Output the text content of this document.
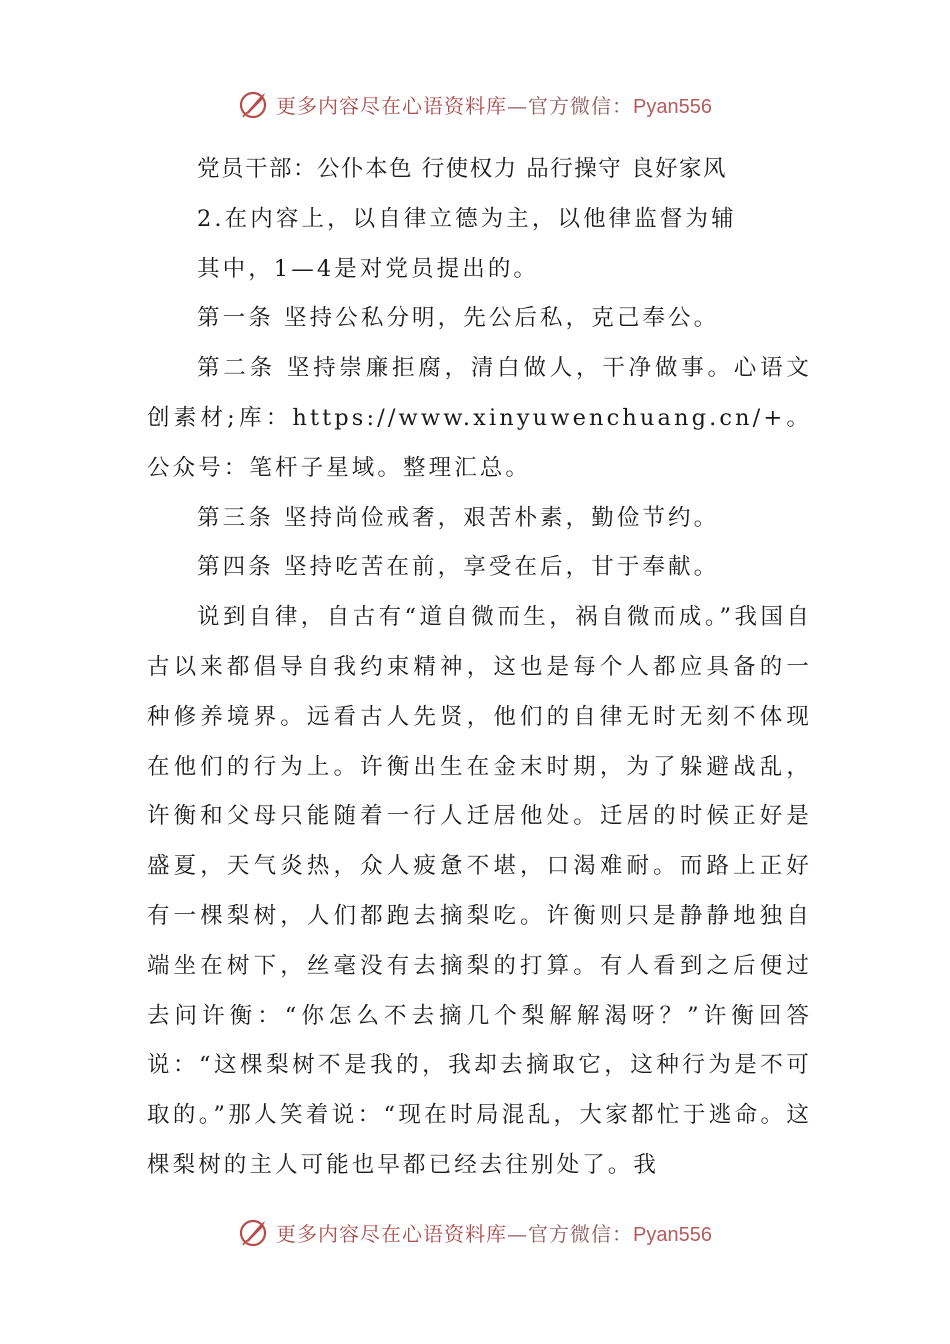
更多内容尽在心语资料库—官方微信：Pyan556

党员干部：公仆本色 行使权力 品行操守 良好家风

2.在内容上，以自律立德为主，以他律监督为辅

其中，1—4是对党员提出的。

第一条 坚持公私分明，先公后私，克己奉公。

第二条 坚持崇廉拒腐，清白做人，干净做事。心语文创素材;库：https://www.xinyuwenchuang.cn/+。公众号：笔杆子星域。整理汇总。

第三条 坚持尚俭戒奢，艰苦朴素，勤俭节约。

第四条 坚持吃苦在前，享受在后，甘于奉献。

说到自律，自古有“道自微而生，祸自微而成。”我国自古以来都倡导自我约束精神，这也是每个人都应具备的一种修养境界。远看古人先贤，他们的自律无时无刻不体现在他们的行为上。许衡出生在金末时期，为了躲避战乱，许衡和父母只能随着一行人迁居他处。迁居的时候正好是盛夏，天气炎热，众人疲惫不堪，口渴难耐。而路上正好有一棵梨树，人们都跑去摘梨吃。许衡则只是静静地独自端坐在树下，丝毫没有去摘梨的打算。有人看到之后便过去问许衡：“你怎么不去摘几个梨解解渴呀？”许衡回答说：“这棵梨树不是我的，我却去摘取它，这种行为是不可取的。”那人笑着说：“现在时局混乱，大家都忙于逃命。这棵梨树的主人可能也早都已经去往别处了。我

更多内容尽在心语资料库—官方微信：Pyan556
